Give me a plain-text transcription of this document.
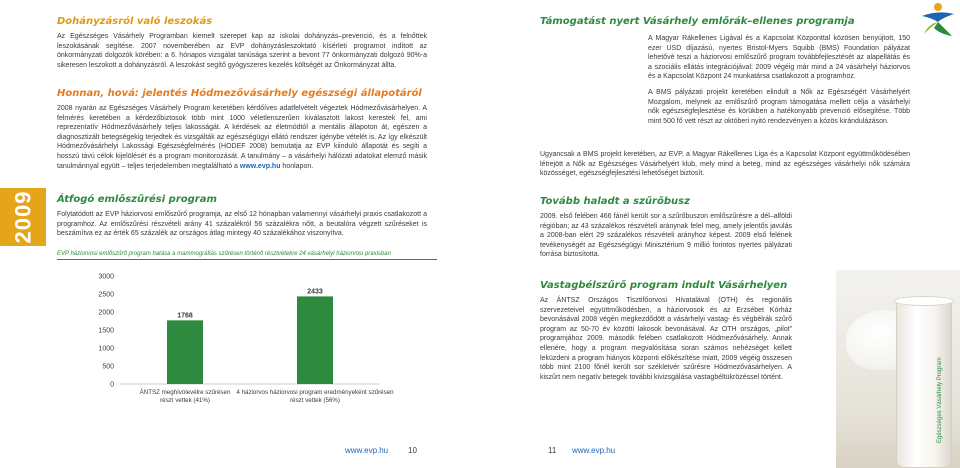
2009
Dohányzásról való leszokás

Az Egészséges Vásárhely Programban kiemelt szerepet kap az iskolai dohányzás–prevenció, és a felnőttek leszokásának segítése. 2007 novemberében az EVP dohányzásleszoktató kísérleti programot indított az önkormányzati dolgozók körében: a 6. hónapos vizsgálat tanúsága szerint a bevont 77 önkormányzati dolgozó 90%-a sikeresen leszokott a dohányzásról. A leszokást segítő gyógyszeres kezelés költségét az Önkormányzat állta.

Honnan, hová: jelentés Hódmezővásárhely egészségi állapotáról

2008 nyarán az Egészséges Vásárhely Program keretében kérdőíves adatfelvételt végeztek Hódmezővásárhelyen. A felmérés keretében a kérdezőbiztosok több mint 1000 véletlenszerűen kiválasztott lakost kerestek fel, ami reprezentatív Hódmezővásárhely teljes lakosságát. A kérdések az életmódtól a mentális állapoton át, egészen a diagnosztizált betegségekig terjedtek és vizsgálták az egészségügyi ellátó rendszer igénybe vételét is. Az így elkészült Hódmezővásárhelyi Lakossági Egészségfelmérés (HODEF 2008) bemutatja az EVP kiinduló állapotát és segíti a hosszú távú célok kijelölését és a program monitorozását. A tanulmány – a vásárhelyi hálózati adatokat elemző másik tanulmánnyal együtt – teljes terjedelemben megtalálható a www.evp.hu honlapon.

Átfogó emlőszűrési program

Folytatódott az EVP háziorvosi emlőszűrő programja, az első 12 hónapban valamennyi vásárhelyi praxis csatlakozott a programhoz. Az emlőszűrési részvételi arány 41 százalékról 56 százalékra nőtt, a beutalóra végzett szűréseket is beszámítva ez az érték 65 százalék az országos átlag mintegy 40 százalékához viszonyítva.

EVP háziorvosi emlőszűrő program hatása a mammográfiás szűrésen történő résztvétekre 24 vásárhelyi háziorvosi praxisban
0
500
1000
1500
2000
2500
3000
1768
ÁNTSZ meghívólevélre szűrésen
részt vettek (41%)
2433
4 háziorvos háziorvosi program eredményeként szűrésen
részt vettek (56%)
www.evp.hu 10
Támogatást nyert Vásárhely emlőrák–ellenes programja

A Magyar Rákellenes Ligával és a Kapcsolat Központtal közösen benyújtott, 150 ezer USD díjazású, nyertes Bristol-Myers Squibb (BMS) Foundation pályázat lehetővé teszi a háziorvosi emlőszűrő program továbbfejlesztését az alapellátás és a szociális ellátás integrációjával: 2009 végéig már mind a 24 vásárhelyi háziorvos és a Kapcsolat Központ 24 munkatársa csatlakozott a programhoz.

A BMS pályázati projekt keretében elindult a Nők az Egészségért Vásárhelyért Mozgalom, melynek az emlőszűrő program támogatása mellett célja a vásárhelyi nők egészségfejlesztése és körükben a hatékonyabb prevenció elősegítése. Több mint 500 fő vett részt az októberi nyitó rendezvényen a kózös kirándulázáson.

Ugyancsak a BMS projekt keretében, az EVP, a Magyar Rákellenes Liga és a Kapcsolat Központ együttműködésében létrejött a Nők az Egészséges Vásárhelyért klub, mely mind a beteg, mind az egészséges vásárhelyi nők számára közösséget, egészségfejlesztési lehetőséget biztosít.

Tovább haladt a szűrőbusz

2009. első felében 466 fánél került sor a szűrőbuszon emlőszűrésre a dél–alföldi régióban; az 43 százalékos részvételi aránynak felel meg, amely jelentős javulás a 2008-ban elért 29 százalékos részvételi arányhoz képest. 2009 első felének tevékenységét az Egészségügyi Minisztérium 9 millió forintos nyertes pályázati forrása biztosította.

Vastagbélszűrő program indult Vásárhelyen

Az ÁNTSZ Országos Tisztifőorvosi Hivatalával (OTH) és regionális szervezeteivel együttműködésben, a háziorvosok és az Erzsébet Kórház bevonásával 2008 végén megkezdődött a vásárhelyi vastag- és végbélrák szűrő program az 50-70 év közötti lakosok bevonásával. Az OTH országos, „pilot” programjához 2009. második felében csatlakozott Hódmezővásárhely. Annak ellenére, hogy a program megvalósítása soran számos nehézséget kellett leküzdeni a program hiányos központi előkészítése miatt, 2009 végéig összesen több mint 2100 főnél került sor székletvér szűrésre Hódmezővásárhelyen. A kiszűrt nem negatív betegek további kivizsgálása vastagbéltükrözéssel történt.

11 www.evp.hu
Egészséges Vásárhely Program
